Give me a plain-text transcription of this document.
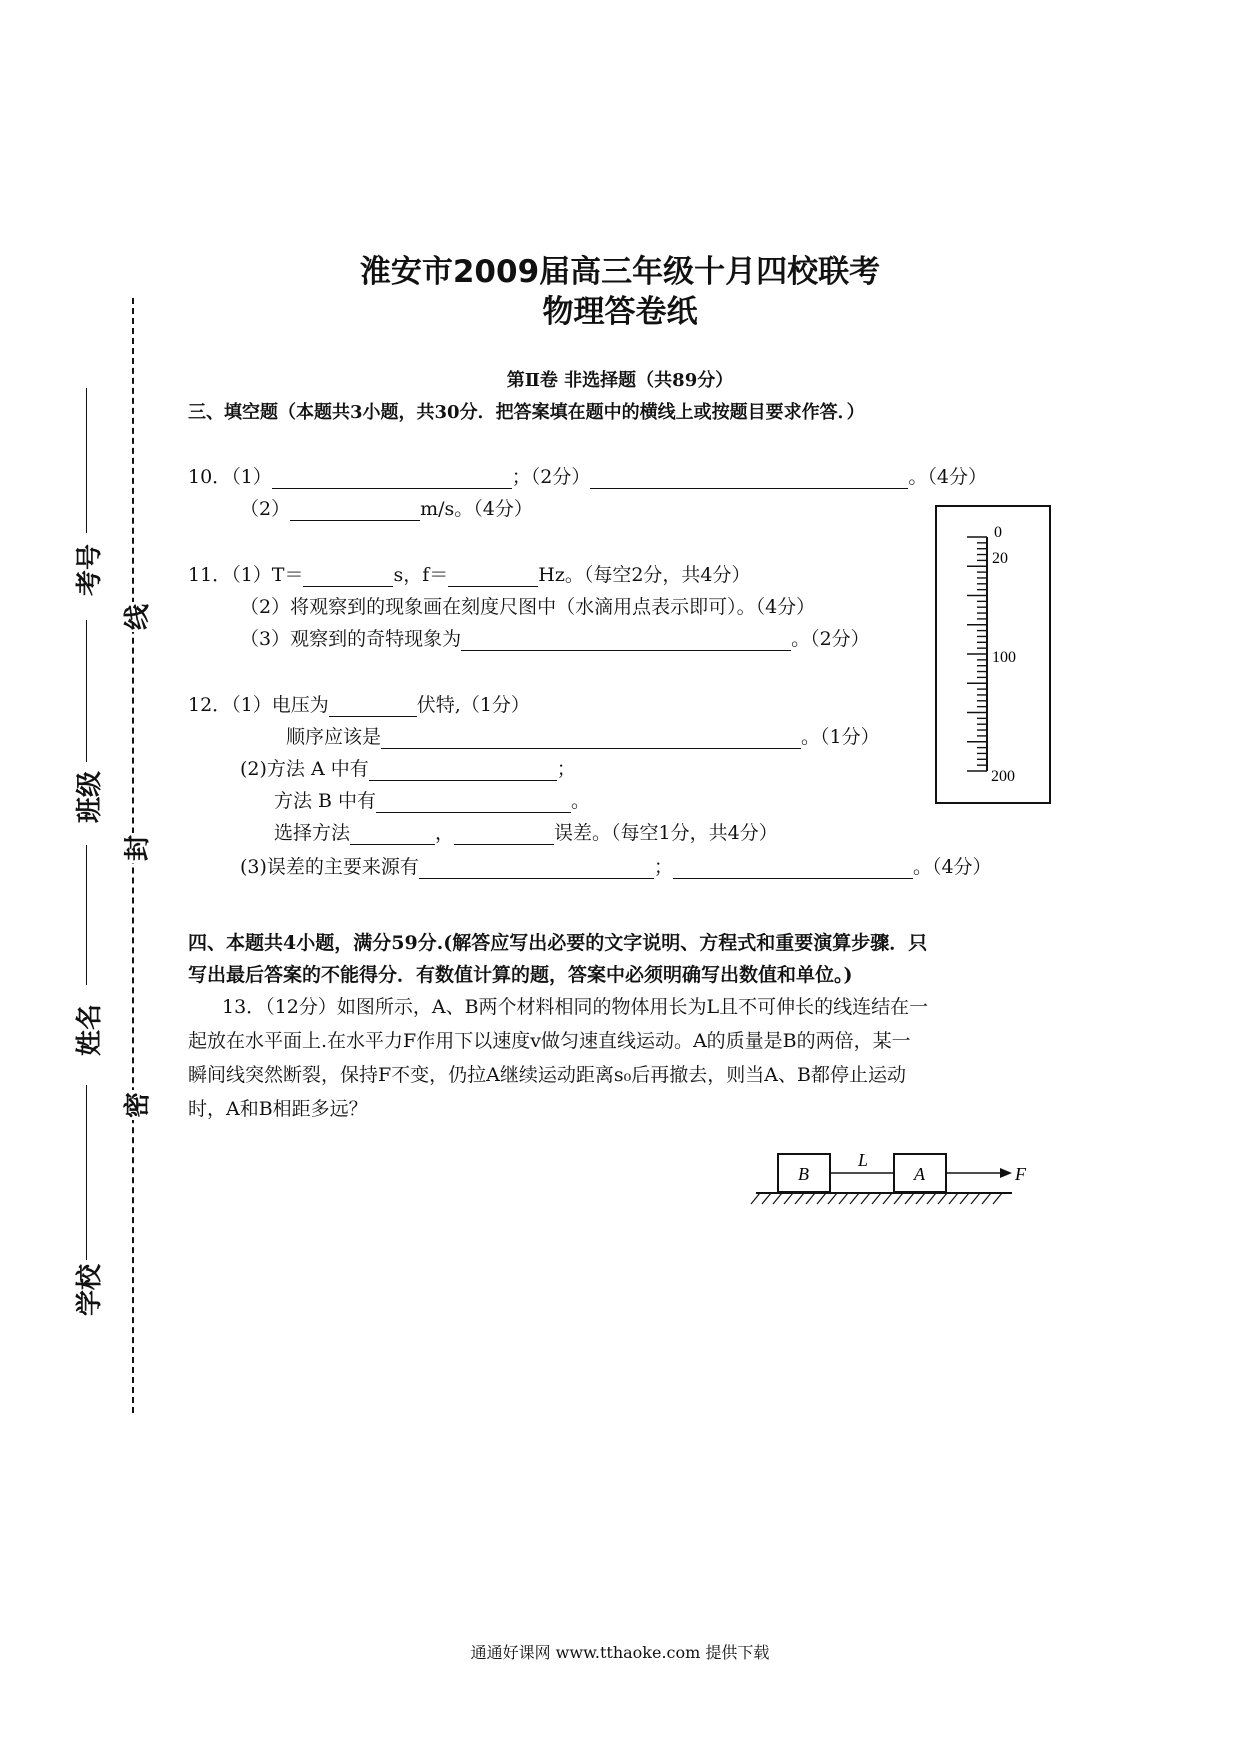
淮安市2009届高三年级十月四校联考
物理答卷纸
考号
班级
姓名
学校
线
封
密
第Ⅱ卷 非选择题（共89分）
三、填空题（本题共3小题，共30分．把答案填在题中的横线上或按题目要求作答．）
10．（1）	；（2分）	。（4分）
（2）	m/s。（4分）
11．（1）T＝	s，f＝	Hz。（每空2分，共4分）
（2）将观察到的现象画在刻度尺图中（水滴用点表示即可）。（4分）
（3）观察到的奇特现象为	。（2分）
12．（1）电压为	伏特,（1分）
顺序应该是	。（1分）
(2)方法 A 中有	；
方法 B 中有	。
选择方法	，	误差。（每空1分，共4分）
(3)误差的主要来源有	；	。（4分）
0
20
100
200
四、本题共4小题，满分59分.(解答应写出必要的文字说明、方程式和重要演算步骤．只
写出最后答案的不能得分．有数值计算的题，答案中必须明确写出数值和单位。)
13．（12分）如图所示，A、B两个材料相同的物体用长为L且不可伸长的线连结在一
起放在水平面上.在水平力F作用下以速度v做匀速直线运动。A的质量是B的两倍，某一
瞬间线突然断裂，保持F不变，仍拉A继续运动距离s₀后再撤去，则当A、B都停止运动
时，A和B相距多远？
B	A
L
F
通通好课网 www.tthaoke.com 提供下载
